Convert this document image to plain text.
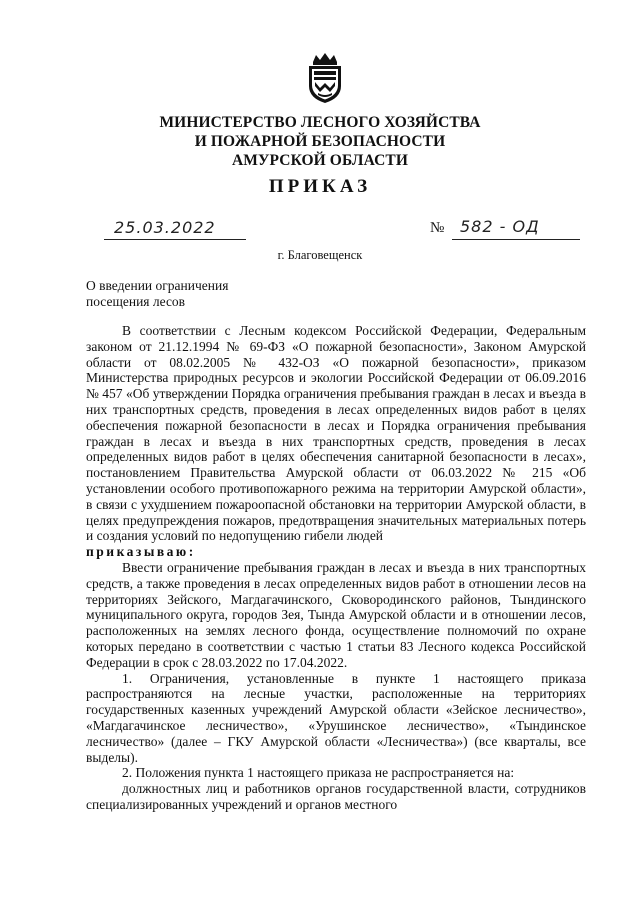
МИНИСТЕРСТВО ЛЕСНОГО ХОЗЯЙСТВА
И ПОЖАРНОЙ БЕЗОПАСНОСТИ
АМУРСКОЙ ОБЛАСТИ
ПРИКАЗ
25.03.2022	№ 582 - ОД
г. Благовещенск
О введении ограничения
посещения лесов

В соответствии с Лесным кодексом Российской Федерации, Федеральным законом от 21.12.1994 № 69-ФЗ «О пожарной безопасности», Законом Амурской области от 08.02.2005 № 432-ОЗ «О пожарной безопасности», приказом Министерства природных ресурсов и экологии Российской Федерации от 06.09.2016 № 457 «Об утверждении Порядка ограничения пребывания граждан в лесах и въезда в них транспортных средств, проведения в лесах определенных видов работ в целях обеспечения пожарной безопасности в лесах и Порядка ограничения пребывания граждан в лесах и въезда в них транспортных средств, проведения в лесах определенных видов работ в целях обеспечения санитарной безопасности в лесах», постановлением Правительства Амурской области от 06.03.2022 № 215 «Об установлении особого противопожарного режима на территории Амурской области», в связи с ухудшением пожароопасной обстановки на территории Амурской области, в целях предупреждения пожаров, предотвращения значительных материальных потерь и создания условий по недопущению гибели людей

приказываю:

Ввести ограничение пребывания граждан в лесах и въезда в них транспортных средств, а также проведения в лесах определенных видов работ в отношении лесов на территориях Зейского, Магдагачинского, Сковородинского районов, Тындинского муниципального округа, городов Зея, Тында Амурской области и в отношении лесов, расположенных на землях лесного фонда, осуществление полномочий по охране которых передано в соответствии с частью 1 статьи 83 Лесного кодекса Российской Федерации в срок с 28.03.2022 по 17.04.2022.

1. Ограничения, установленные в пункте 1 настоящего приказа распространяются на лесные участки, расположенные на территориях государственных казенных учреждений Амурской области «Зейское лесничество», «Магдагачинское лесничество», «Урушинское лесничество», «Тындинское лесничество» (далее – ГКУ Амурской области «Лесничества») (все кварталы, все выделы).

2. Положения пункта 1 настоящего приказа не распространяется на:

должностных лиц и работников органов государственной власти, сотрудников специализированных учреждений и органов местного
